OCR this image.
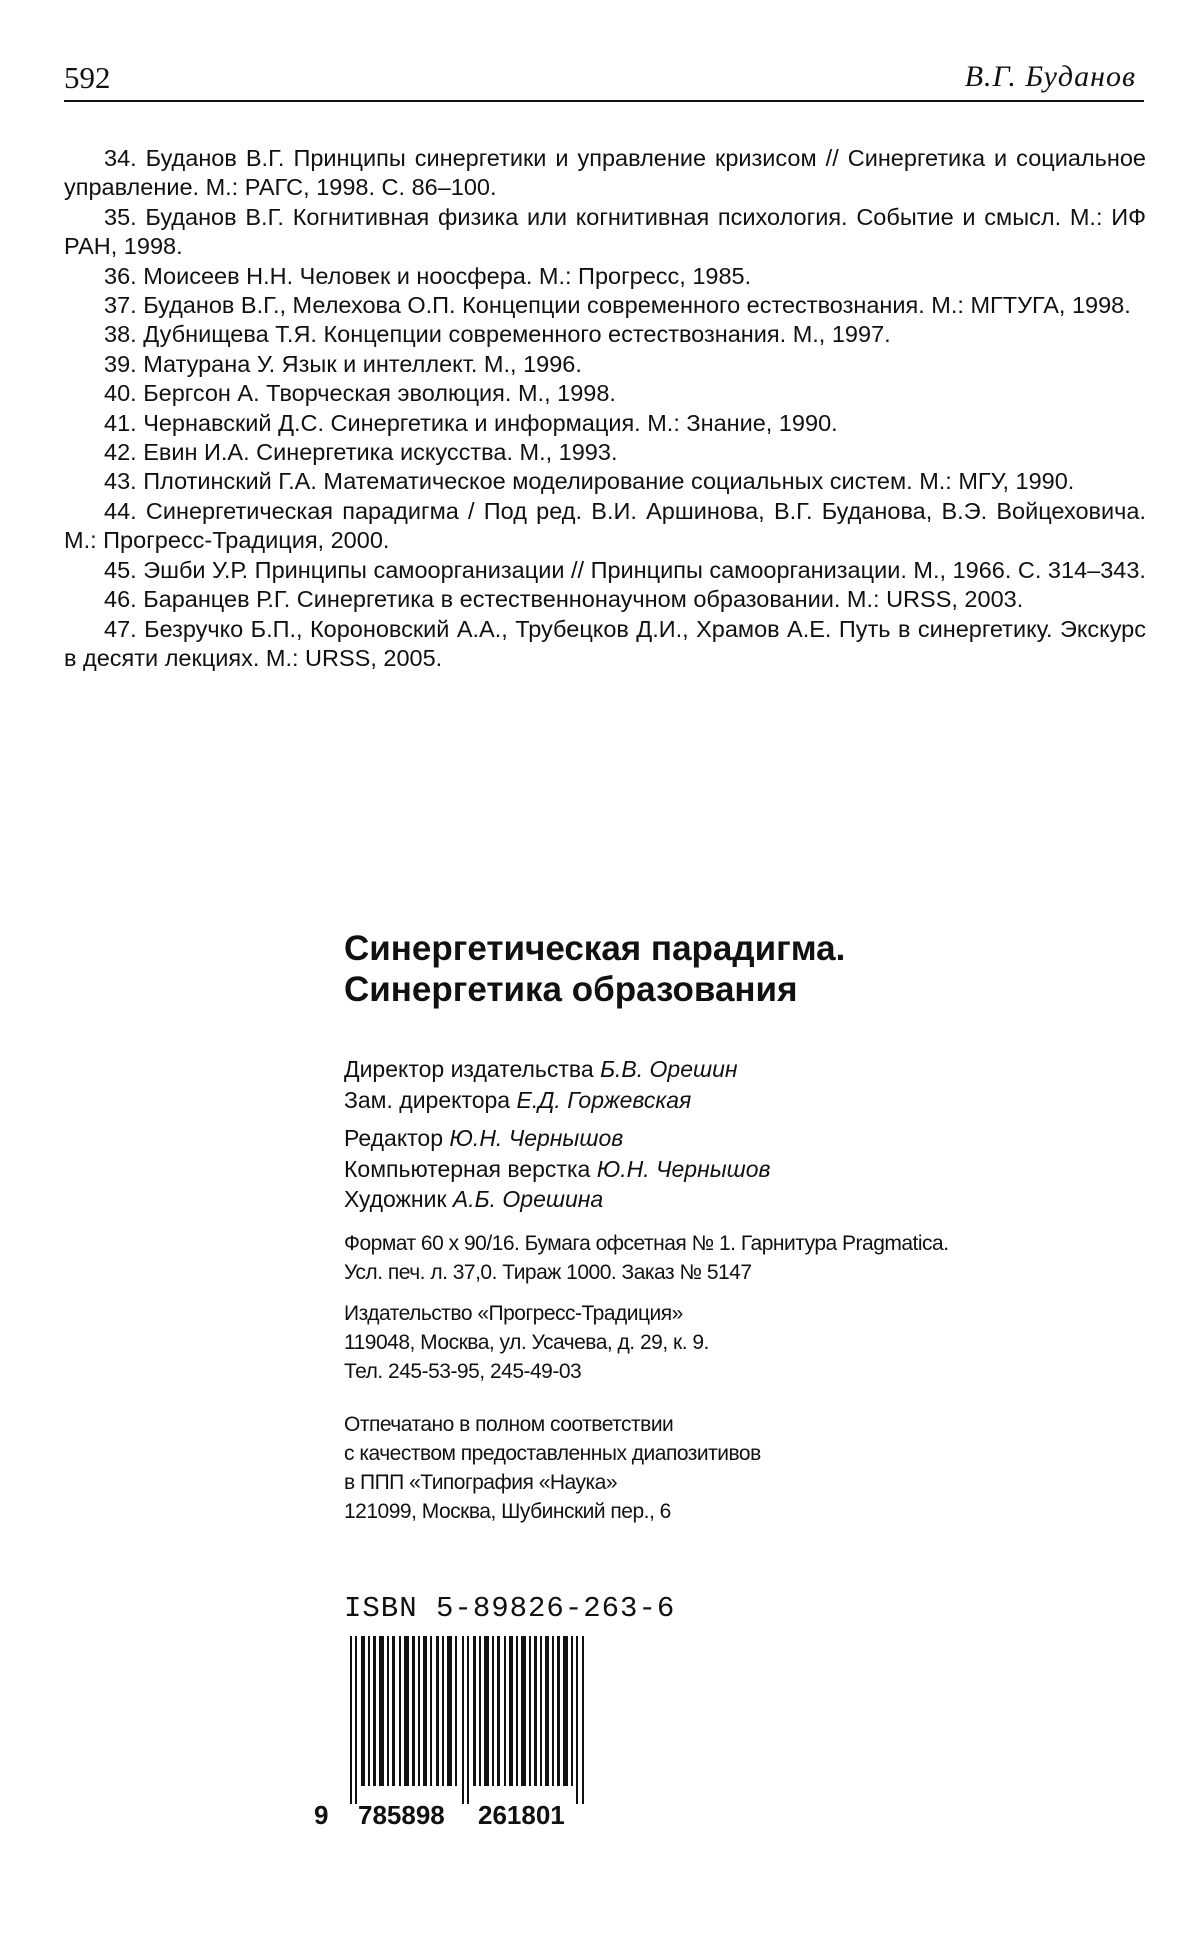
592	В.Г. Буданов

34. Буданов В.Г. Принципы синергетики и управление кризисом // Синергетика и социальное управление. М.: РАГС, 1998. С. 86–100.

35. Буданов В.Г. Когнитивная физика или когнитивная психология. Событие и смысл. М.: ИФ РАН, 1998.

36. Моисеев Н.Н. Человек и ноосфера. М.: Прогресс, 1985.

37. Буданов В.Г., Мелехова О.П. Концепции современного естествознания. М.: МГТУГА, 1998.

38. Дубнищева Т.Я. Концепции современного естествознания. М., 1997.

39. Матурана У. Язык и интеллект. М., 1996.

40. Бергсон А. Творческая эволюция. М., 1998.

41. Чернавский Д.С. Синергетика и информация. М.: Знание, 1990.

42. Евин И.А. Синергетика искусства. М., 1993.

43. Плотинский Г.А. Математическое моделирование социальных систем. М.: МГУ, 1990.

44. Синергетическая парадигма / Под ред. В.И. Аршинова, В.Г. Буданова, В.Э. Войцеховича. М.: Прогресс-Традиция, 2000.

45. Эшби У.Р. Принципы самоорганизации // Принципы самоорганизации. М., 1966. С. 314–343.

46. Баранцев Р.Г. Синергетика в естественнонаучном образовании. М.: URSS, 2003.

47. Безручко Б.П., Короновский А.А., Трубецков Д.И., Храмов А.Е. Путь в синергетику. Экскурс в десяти лекциях. М.: URSS, 2005.

Синергетическая парадигма.
Синергетика образования
Директор издательства Б.В. Орешин
Зам. директора Е.Д. Горжевская
Редактор Ю.Н. Чернышов
Компьютерная верстка Ю.Н. Чернышов
Художник А.Б. Орешина
Формат 60 x 90/16. Бумага офсетная № 1. Гарнитура Pragmatica.
Усл. печ. л. 37,0. Тираж 1000. Заказ № 5147
Издательство «Прогресс-Традиция»
119048, Москва, ул. Усачева, д. 29, к. 9.
Тел. 245-53-95, 245-49-03
Отпечатано в полном соответствии
с качеством предоставленных диапозитивов
в ППП «Типография «Наука»
121099, Москва, Шубинский пер., 6
ISBN 5-89826-263-6

9

785898

261801
